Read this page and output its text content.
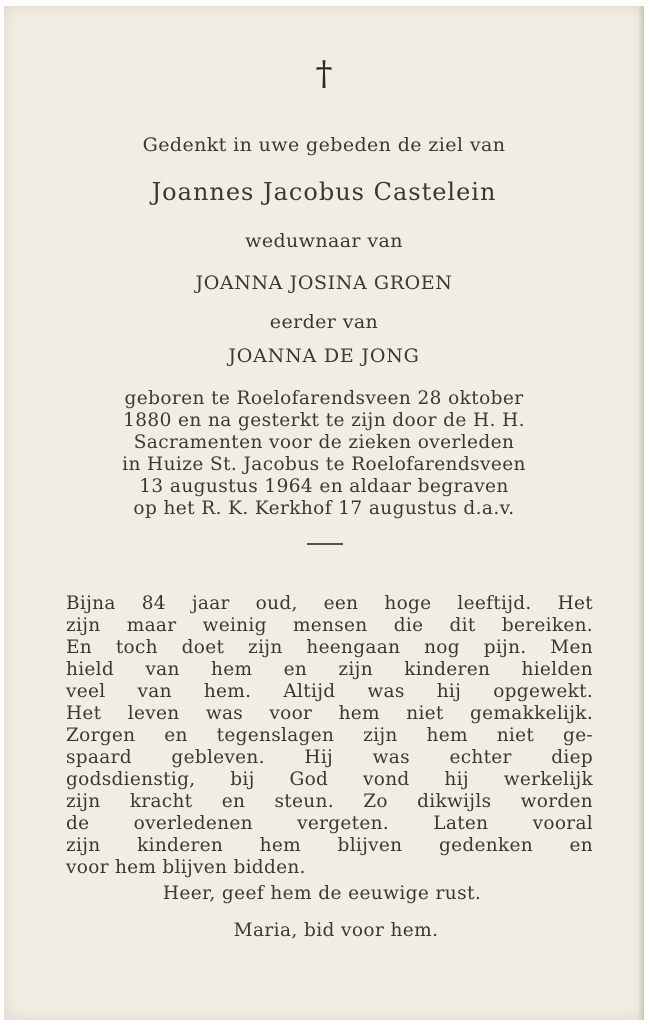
†
Gedenkt in uwe gebeden de ziel van
Joannes Jacobus Castelein
weduwnaar van
JOANNA JOSINA GROEN
eerder van
JOANNA DE JONG
geboren te Roelofarendsveen 28 oktober
1880 en na gesterkt te zijn door de H. H.
Sacramenten voor de zieken overleden
in Huize St. Jacobus te Roelofarendsveen
13 augustus 1964 en aldaar begraven
op het R. K. Kerkhof 17 augustus d.a.v.
Bijna 84 jaar oud, een hoge leeftijd. Het
zijn maar weinig mensen die dit bereiken.
En toch doet zijn heengaan nog pijn. Men
hield van hem en zijn kinderen hielden
veel van hem. Altijd was hij opgewekt.
Het leven was voor hem niet gemakkelijk.
Zorgen en tegenslagen zijn hem niet ge-
spaard gebleven. Hij was echter diep
godsdienstig, bij God vond hij werkelijk
zijn kracht en steun. Zo dikwijls worden
de overledenen vergeten. Laten vooral
zijn kinderen hem blijven gedenken en
voor hem blijven bidden.
Heer, geef hem de eeuwige rust.
Maria, bid voor hem.
